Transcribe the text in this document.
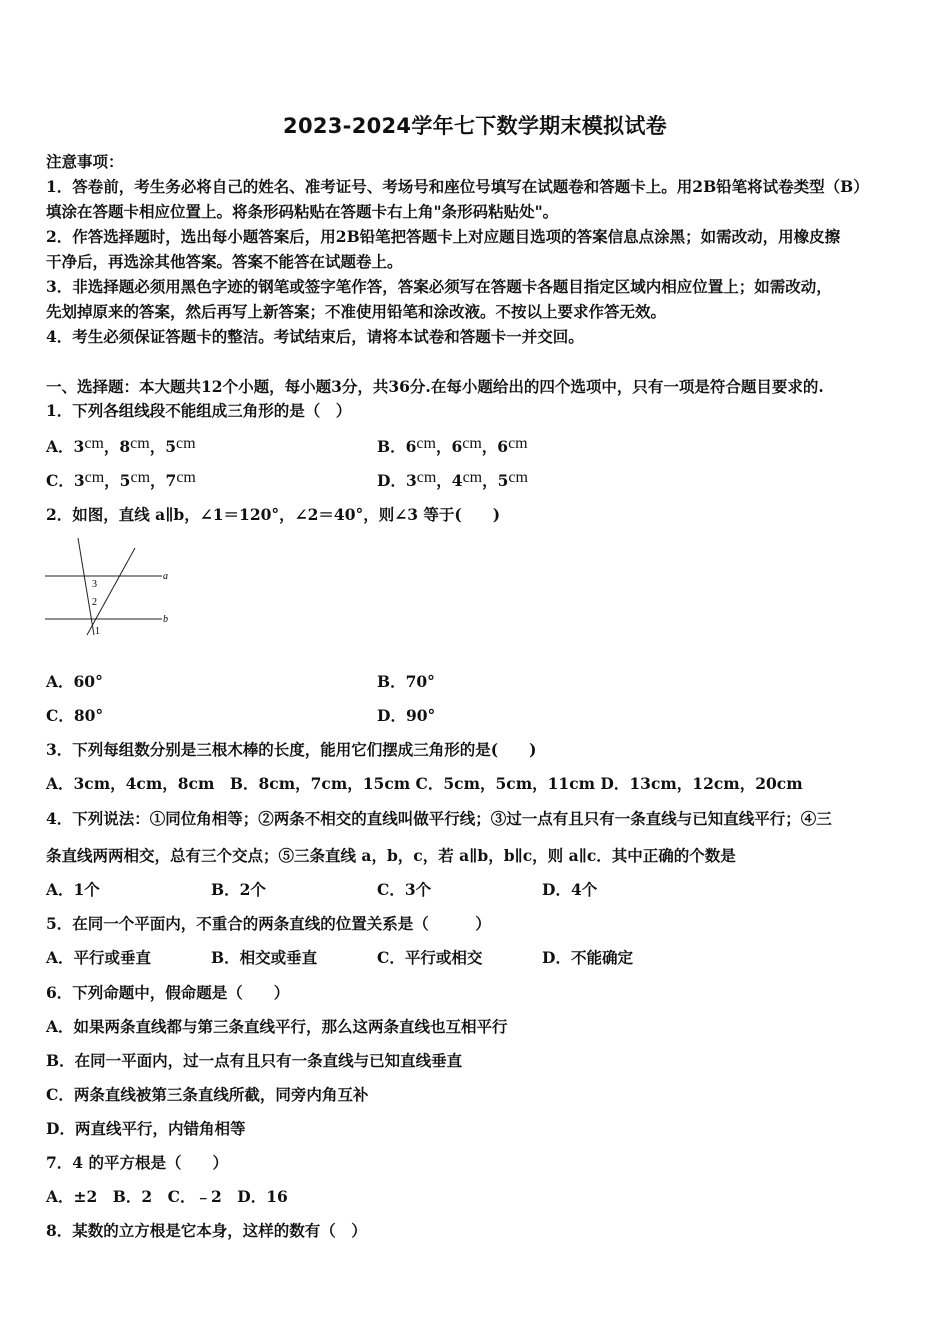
2023-2024学年七下数学期末模拟试卷
注意事项：
1．答卷前，考生务必将自己的姓名、准考证号、考场号和座位号填写在试题卷和答题卡上。用2B铅笔将试卷类型（B）
填涂在答题卡相应位置上。将条形码粘贴在答题卡右上角"条形码粘贴处"。
2．作答选择题时，选出每小题答案后，用2B铅笔把答题卡上对应题目选项的答案信息点涂黑；如需改动，用橡皮擦
干净后，再选涂其他答案。答案不能答在试题卷上。
3．非选择题必须用黑色字迹的钢笔或签字笔作答，答案必须写在答题卡各题目指定区域内相应位置上；如需改动，
先划掉原来的答案，然后再写上新答案；不准使用铅笔和涂改液。不按以上要求作答无效。
4．考生必须保证答题卡的整洁。考试结束后，请将本试卷和答题卡一并交回。
一、选择题：本大题共12个小题，每小题3分，共36分.在每小题给出的四个选项中，只有一项是符合题目要求的.
1．下列各组线段不能组成三角形的是（　）
A．3cm，8cm，5cm	B．6cm，6cm，6cm
C．3cm，5cm，7cm	D．3cm，4cm，5cm
2．如图，直线 a∥b，∠1＝120°，∠2＝40°，则∠3 等于(　　)
a
b
3
2
1
A．60°	B．70°
C．80°	D．90°
3．下列每组数分别是三根木棒的长度，能用它们摆成三角形的是(　　)
A．3cm，4cm，8cm　B．8cm，7cm，15cm C．5cm，5cm，11cm D．13cm，12cm，20cm
4．下列说法：①同位角相等；②两条不相交的直线叫做平行线；③过一点有且只有一条直线与已知直线平行；④三
条直线两两相交，总有三个交点；⑤三条直线 a，b，c，若 a∥b，b∥c，则 a∥c．其中正确的个数是
A．1个	B．2个	C．3个	D．4个
5．在同一个平面内，不重合的两条直线的位置关系是（　　　）
A．平行或垂直	B．相交或垂直	C．平行或相交	D．不能确定
6．下列命题中，假命题是（　　）
A．如果两条直线都与第三条直线平行，那么这两条直线也互相平行
B．在同一平面内，过一点有且只有一条直线与已知直线垂直
C．两条直线被第三条直线所截，同旁内角互补
D．两直线平行，内错角相等
7．4 的平方根是（　　）
A．±2　B．2　C．﹣2　D．16
8．某数的立方根是它本身，这样的数有（　）
